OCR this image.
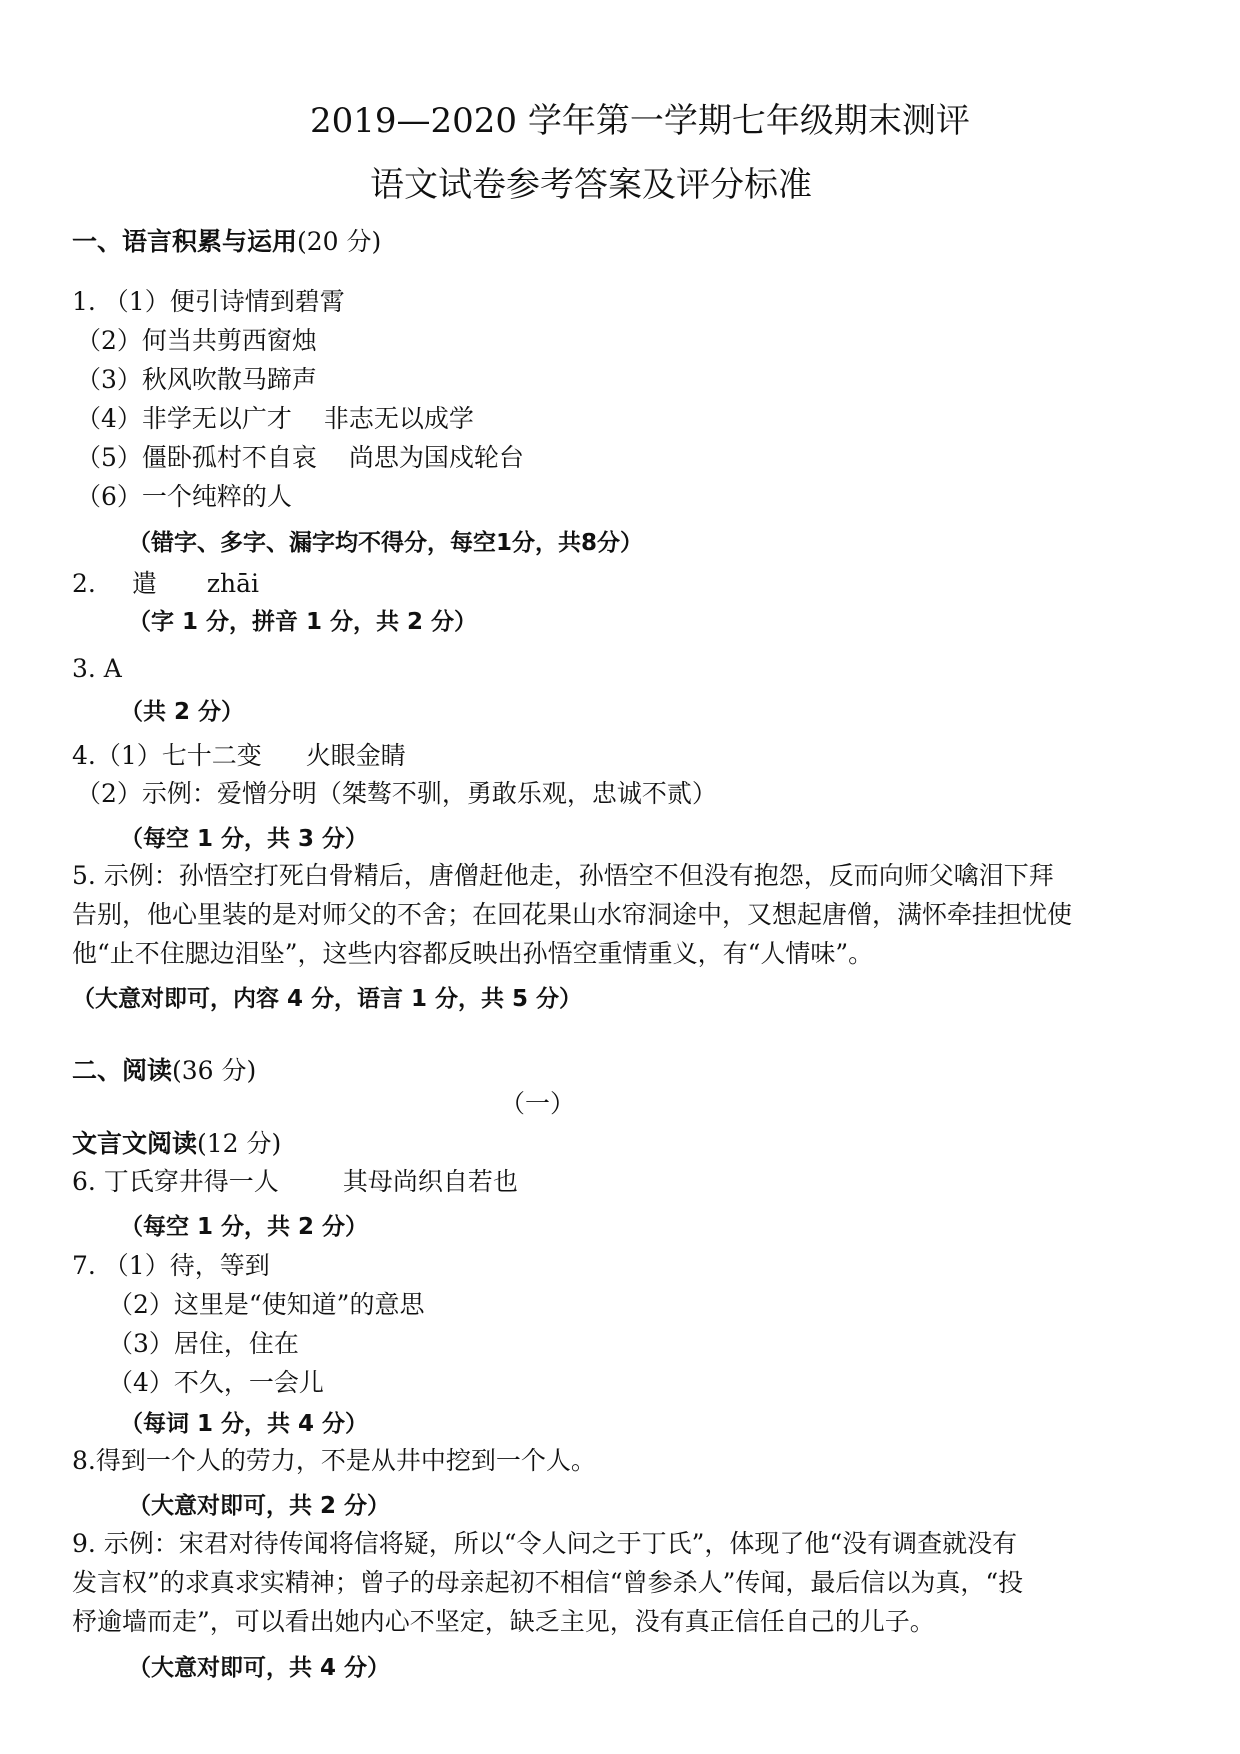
2019—2020 学年第一学期七年级期末测评
语文试卷参考答案及评分标准
一、语言积累与运用(20 分)
1. （1）便引诗情到碧霄
（2）何当共剪西窗烛
（3）秋风吹散马蹄声
（4）非学无以广才 非志无以成学
（5）僵卧孤村不自哀 尚思为国戍轮台
（6）一个纯粹的人
（错字、多字、漏字均不得分，每空1分，共8分）
2. 遣 zhāi
（字 1 分，拼音 1 分，共 2 分）
3. A
（共 2 分）
4.（1）七十二变 火眼金睛
（2）示例：爱憎分明（桀骜不驯，勇敢乐观，忠诚不贰）
（每空 1 分，共 3 分）
5. 示例：孙悟空打死白骨精后，唐僧赶他走，孙悟空不但没有抱怨，反而向师父噙泪下拜
告别，他心里装的是对师父的不舍；在回花果山水帘洞途中，又想起唐僧，满怀牵挂担忧使
他“止不住腮边泪坠”，这些内容都反映出孙悟空重情重义，有“人情味”。
（大意对即可，内容 4 分，语言 1 分，共 5 分）
二、阅读(36 分)
（一）
文言文阅读(12 分)
6. 丁氏穿井得一人	其母尚织自若也
（每空 1 分，共 2 分）
7. （1）待，等到
（2）这里是“使知道”的意思
（3）居住，住在
（4）不久，一会儿
（每词 1 分，共 4 分）
8.得到一个人的劳力，不是从井中挖到一个人。
（大意对即可，共 2 分）
9. 示例：宋君对待传闻将信将疑，所以“令人问之于丁氏”，体现了他“没有调查就没有
发言权”的求真求实精神；曾子的母亲起初不相信“曾参杀人”传闻，最后信以为真，“投
杼逾墙而走”，可以看出她内心不坚定，缺乏主见，没有真正信任自己的儿子。
（大意对即可，共 4 分）
